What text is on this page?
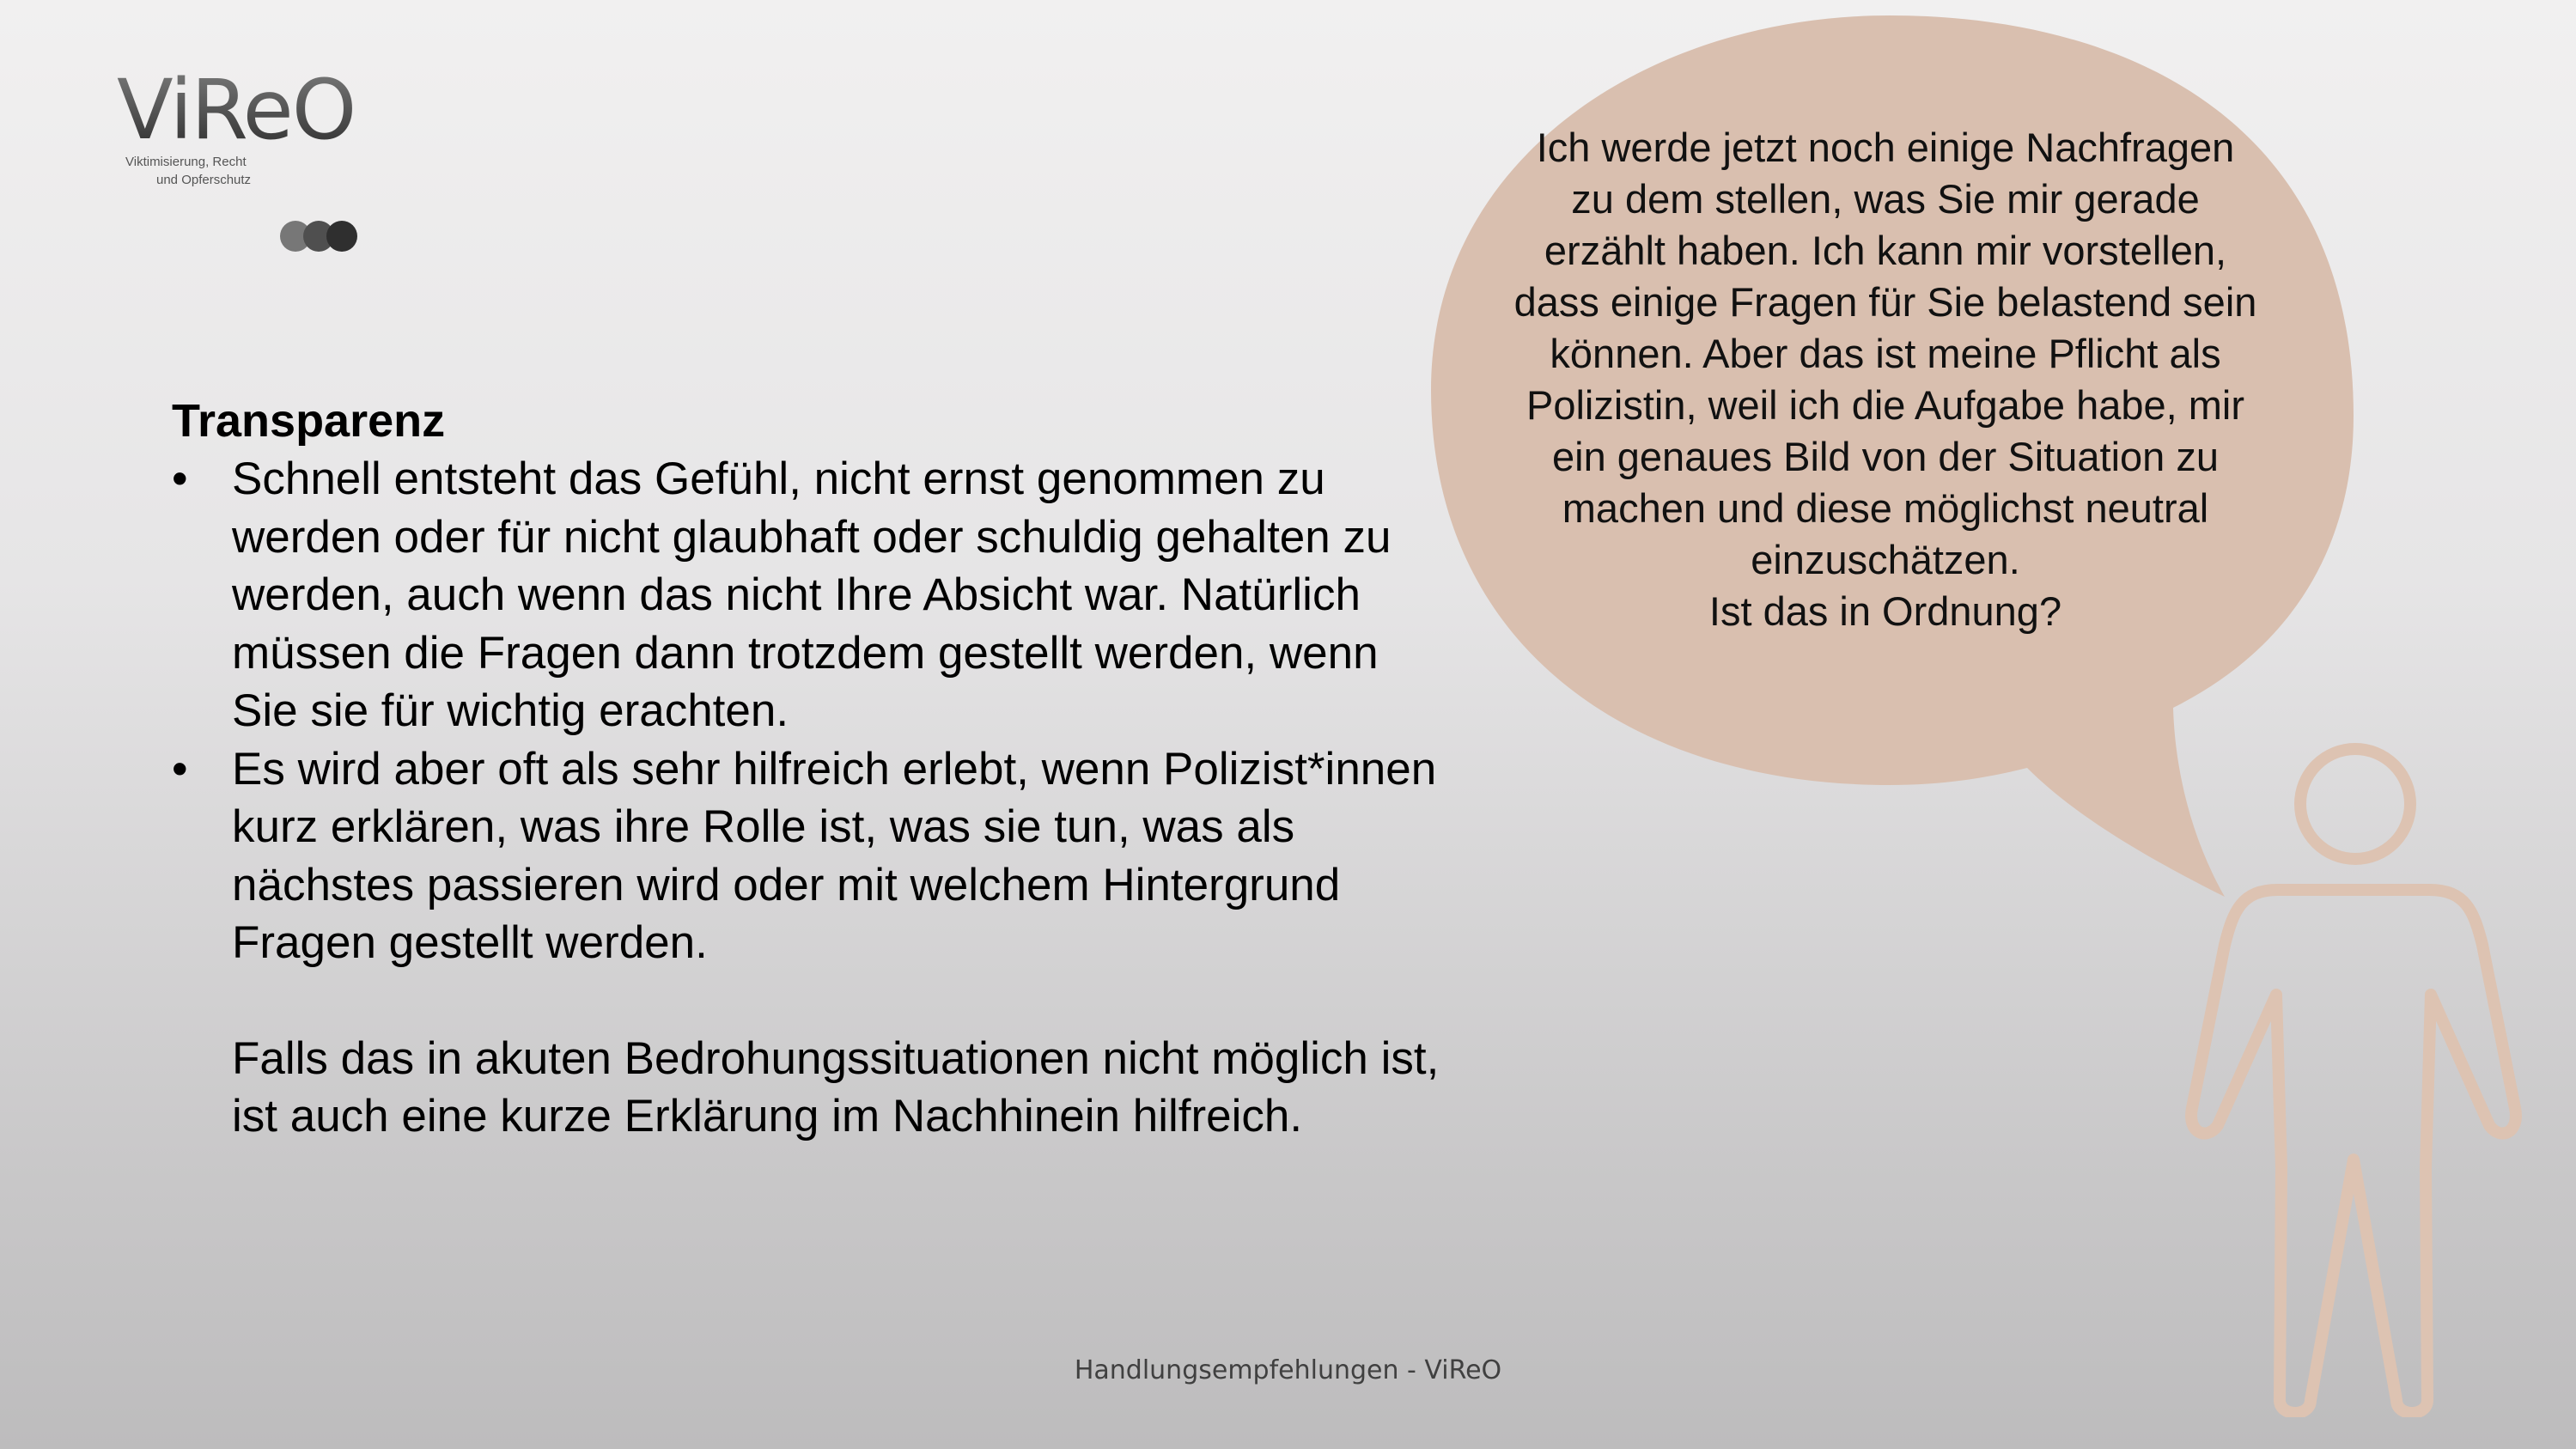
ViReO
Viktimisierung, Recht
und Opferschutz
Transparenz
• Schnell entsteht das Gefühl, nicht ernst genommen zu werden oder für nicht glaubhaft oder schuldig gehalten zu werden, auch wenn das nicht Ihre Absicht war. Natürlich müssen die Fragen dann trotzdem gestellt werden, wenn Sie sie für wichtig erachten.
• Es wird aber oft als sehr hilfreich erlebt, wenn Polizist*innen kurz erklären, was ihre Rolle ist, was sie tun, was als nächstes passieren wird oder mit welchem Hintergrund Fragen gestellt werden.
Falls das in akuten Bedrohungssituationen nicht möglich ist, ist auch eine kurze Erklärung im Nachhinein hilfreich.
Ich werde jetzt noch einige Nachfragen zu dem stellen, was Sie mir gerade erzählt haben. Ich kann mir vorstellen, dass einige Fragen für Sie belastend sein können. Aber das ist meine Pflicht als Polizistin, weil ich die Aufgabe habe, mir ein genaues Bild von der Situation zu machen und diese möglichst neutral einzuschätzen.
Ist das in Ordnung?
Handlungsempfehlungen - ViReO
